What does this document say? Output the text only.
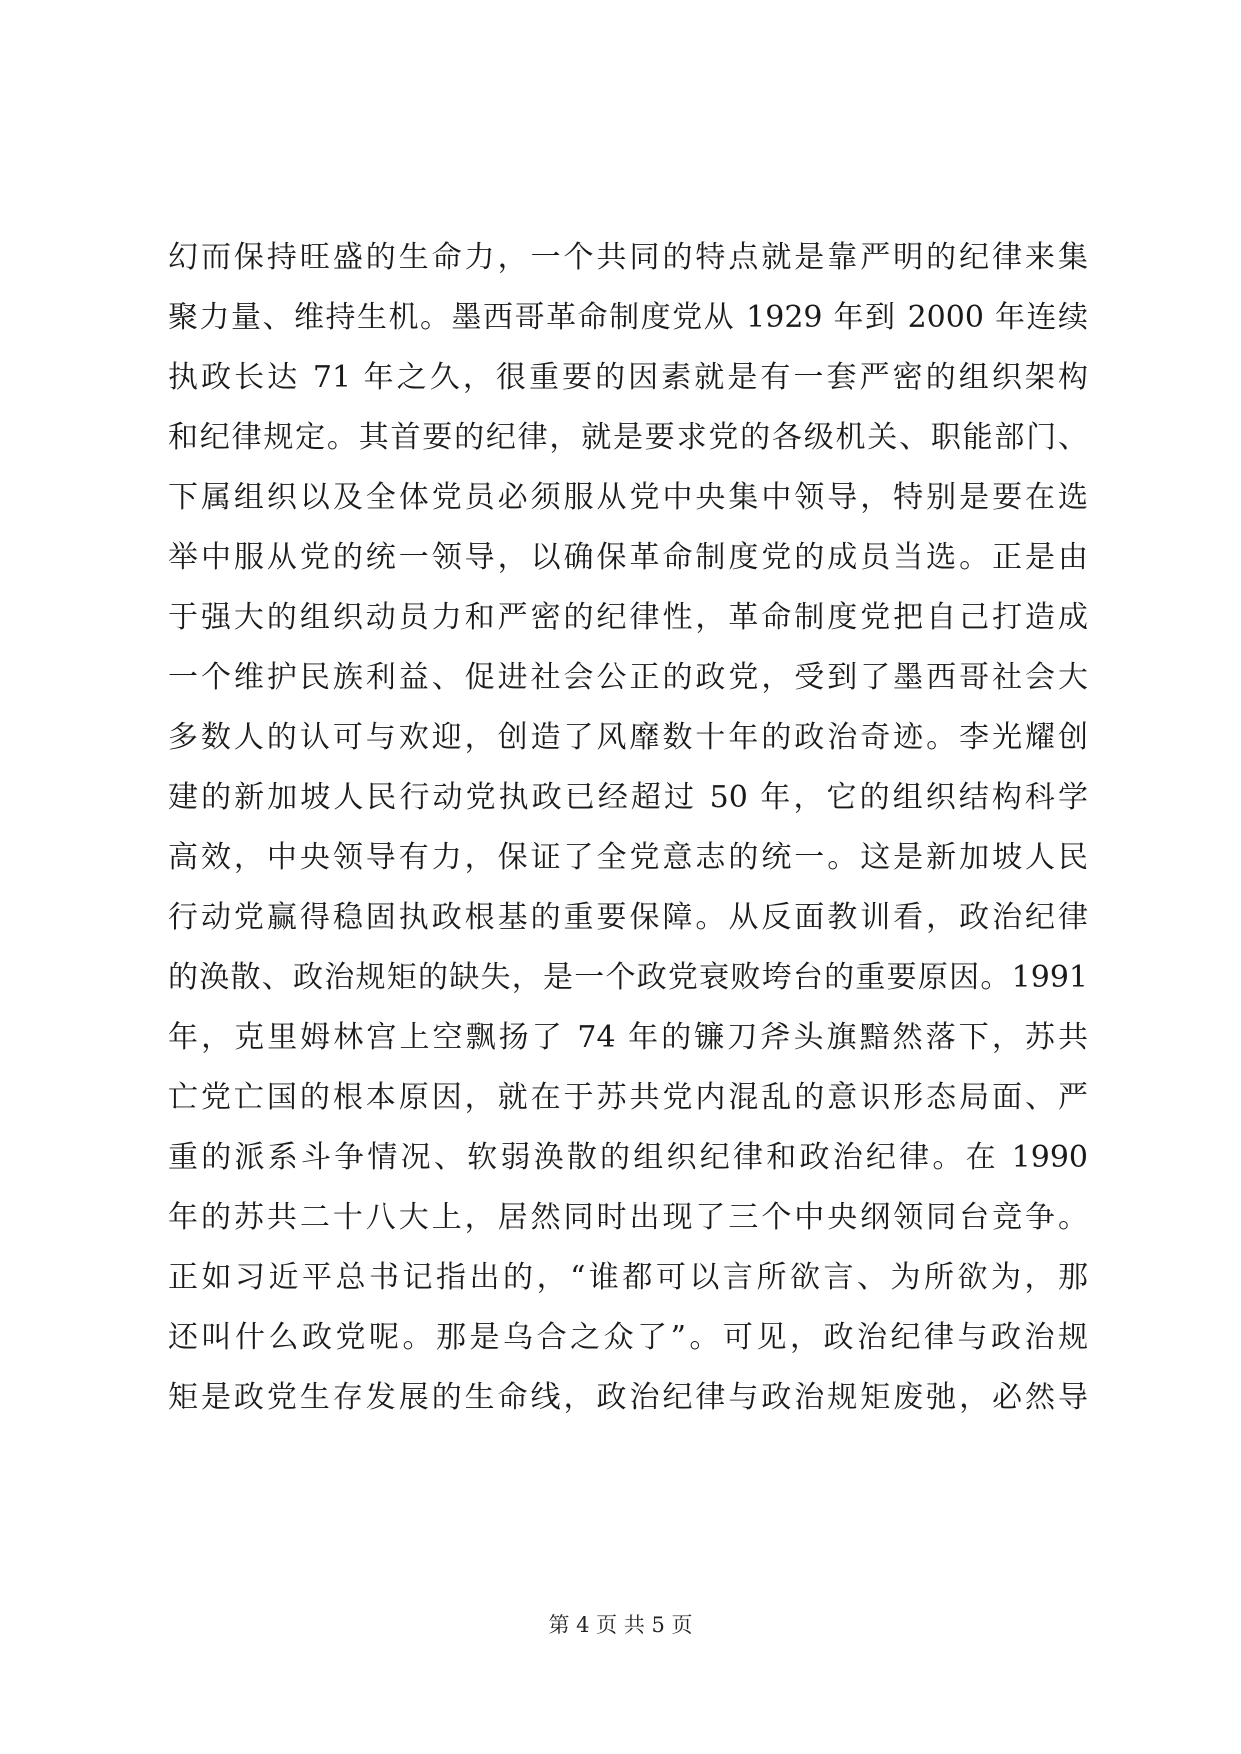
幻而保持旺盛的生命力，一个共同的特点就是靠严明的纪律来集
聚力量、维持生机。墨西哥革命制度党从 1929 年到 2000 年连续
执政长达 71 年之久，很重要的因素就是有一套严密的组织架构
和纪律规定。其首要的纪律，就是要求党的各级机关、职能部门、
下属组织以及全体党员必须服从党中央集中领导，特别是要在选
举中服从党的统一领导，以确保革命制度党的成员当选。正是由
于强大的组织动员力和严密的纪律性，革命制度党把自己打造成
一个维护民族利益、促进社会公正的政党，受到了墨西哥社会大
多数人的认可与欢迎，创造了风靡数十年的政治奇迹。李光耀创
建的新加坡人民行动党执政已经超过 50 年，它的组织结构科学
高效，中央领导有力，保证了全党意志的统一。这是新加坡人民
行动党赢得稳固执政根基的重要保障。从反面教训看，政治纪律
的涣散、政治规矩的缺失，是一个政党衰败垮台的重要原因。1991
年，克里姆林宫上空飘扬了 74 年的镰刀斧头旗黯然落下，苏共
亡党亡国的根本原因，就在于苏共党内混乱的意识形态局面、严
重的派系斗争情况、软弱涣散的组织纪律和政治纪律。在 1990
年的苏共二十八大上，居然同时出现了三个中央纲领同台竞争。
正如习近平总书记指出的，“谁都可以言所欲言、为所欲为，那
还叫什么政党呢。那是乌合之众了”。可见，政治纪律与政治规
矩是政党生存发展的生命线，政治纪律与政治规矩废弛，必然导
第 4 页 共 5 页
